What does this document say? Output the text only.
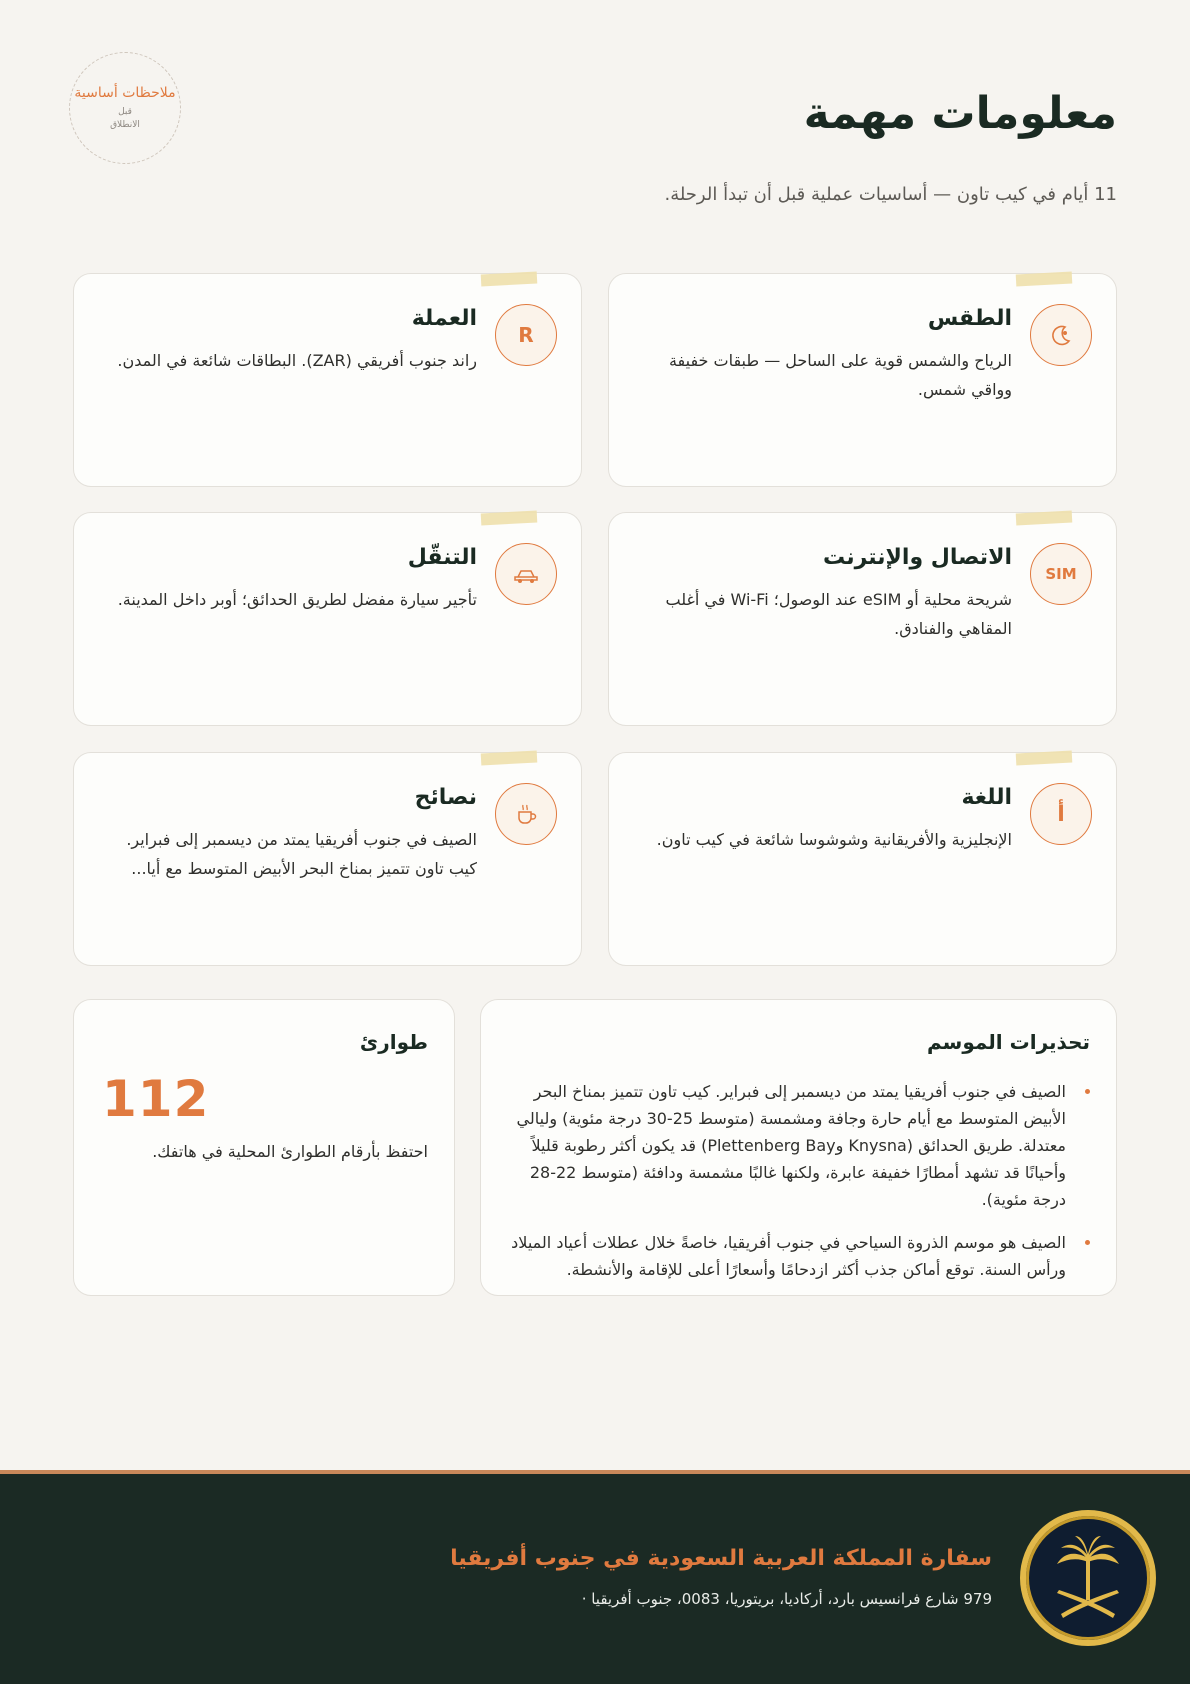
ملاحظات أساسية
قبل
الانطلاق	معلومات مهمة
11 أيام في كيب تاون — أساسيات عملية قبل أن تبدأ الرحلة.
الطقس
الرياح والشمس قوية على الساحل — طبقات خفيفة وواقي شمس.
R
العملة
راند جنوب أفريقي (ZAR). البطاقات شائعة في المدن.
SIM
الاتصال والإنترنت
شريحة محلية أو eSIM عند الوصول؛ Wi-Fi في أغلب المقاهي والفنادق.
التنقّل
تأجير سيارة مفضل لطريق الحدائق؛ أوبر داخل المدينة.
أ
اللغة
الإنجليزية والأفريقانية وشوشوسا شائعة في كيب تاون.
نصائح
الصيف في جنوب أفريقيا يمتد من ديسمبر إلى فبراير. كيب تاون تتميز بمناخ البحر الأبيض المتوسط مع أيا...
تحذيرات الموسم
الصيف في جنوب أفريقيا يمتد من ديسمبر إلى فبراير. كيب تاون تتميز بمناخ البحر الأبيض المتوسط مع أيام حارة وجافة ومشمسة (متوسط 25-30 درجة مئوية) وليالي معتدلة. طريق الحدائق (Knysna وPlettenberg Bay) قد يكون أكثر رطوبة قليلاً وأحيانًا قد تشهد أمطارًا خفيفة عابرة، ولكنها غالبًا مشمسة ودافئة (متوسط 22-28 درجة مئوية).
الصيف هو موسم الذروة السياحي في جنوب أفريقيا، خاصةً خلال عطلات أعياد الميلاد ورأس السنة. توقع أماكن جذب أكثر ازدحامًا وأسعارًا أعلى للإقامة والأنشطة.
طوارئ
112
احتفظ بأرقام الطوارئ المحلية في هاتفك.
سفارة المملكة العربية السعودية في جنوب أفريقيا
979 شارع فرانسيس بارد، أركاديا، بريتوريا، 0083، جنوب أفريقيا ·
